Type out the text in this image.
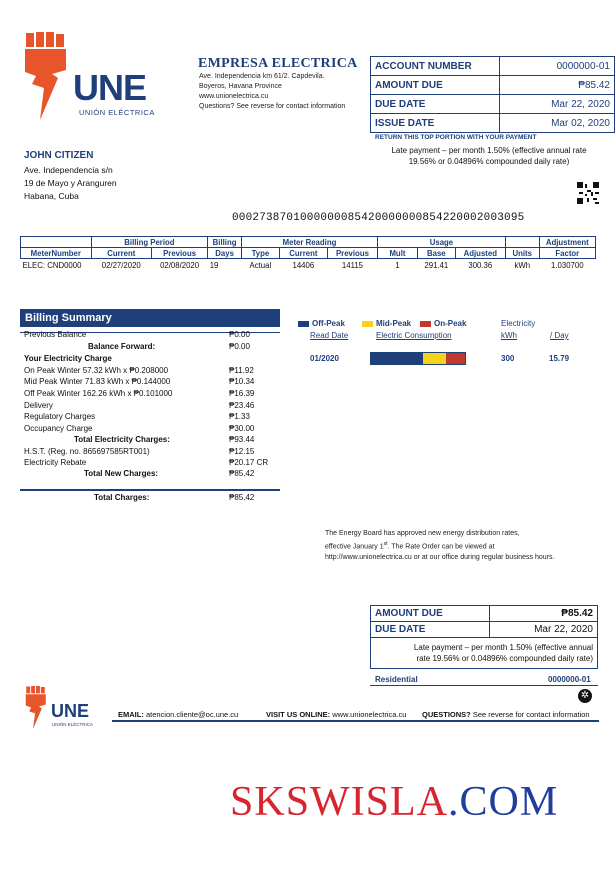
UNE
UNIÓN ELÉCTRICA
EMPRESA ELECTRICA
Ave. Independencia km 61/2. Capdevila.
Boyeros, Havana Province
www.unionelectrica.cu
Questions? See reverse for contact information
ACCOUNT NUMBER	0000000-01
AMOUNT DUE	₱85.42
DUE DATE	Mar 22, 2020
ISSUE DATE	Mar 02, 2020
RETURN THIS TOP PORTION WITH YOUR PAYMENT
Late payment – per month 1.50% (effective annual rate
19.56% or 0.04896% compounded daily rate)
JOHN CITIZEN
Ave. Independencia s/n
19 de Mayo y Aranguren
Habana, Cuba
0002738701000000085420000000854220002003095
	Billing Period		Billing	Meter Reading			Usage				Adjustment
MeterNumber	Current	Previous	Days	Type	Current	Previous	Mult	Base	Adjusted	Units	Factor
ELEC: CND0000	02/27/2020	02/08/2020	19	Actual	14406	14115	1	291.41	300.36	kWh	1.030700
Billing Summary
Previous Balance	₱0.00
Balance Forward:	₱0.00
Your Electricity Charge
On Peak Winter 57.32 kWh x ₱0.208000	₱11.92
Mid Peak Winter 71.83 kWh x ₱0.144000	₱10.34
Off Peak Winter 162.26 kWh x ₱0.101000	₱16.39
Delivery	₱23.46
Regulatory Charges	₱1.33
Occupancy Charge	₱30.00
Total Electricity Charges:	₱93.44
H.S.T. (Reg. no. 865697585RT001)	₱12.15
Electricity Rebate	₱20.17 CR
Total New Charges:	₱85.42
Total Charges:	₱85.42
Off-Peak	Mid-Peak	On-Peak	Electricity
Read Date	Electric Consumption	kWh	/ Day
01/2020	300	15.79
The Energy Board has approved new energy distribution rates,
effective January 1st. The Rate Order can be viewed at
http://www.unionelectrica.cu or at our office during regular business hours.
AMOUNT DUE	₱85.42
DUE DATE	Mar 22, 2020

Late payment – per month 1.50% (effective annual
rate 19.56% or 0.04896% compounded daily rate)	
Residential	0000000-01
✲
UNE
UNIÓN ELÉCTRICA
EMAIL: atencion.cliente@oc.une.cu	VISIT US ONLINE: www.unionelectrica.cu QUESTIONS? See reverse for contact information
SKSWISLA.COM
